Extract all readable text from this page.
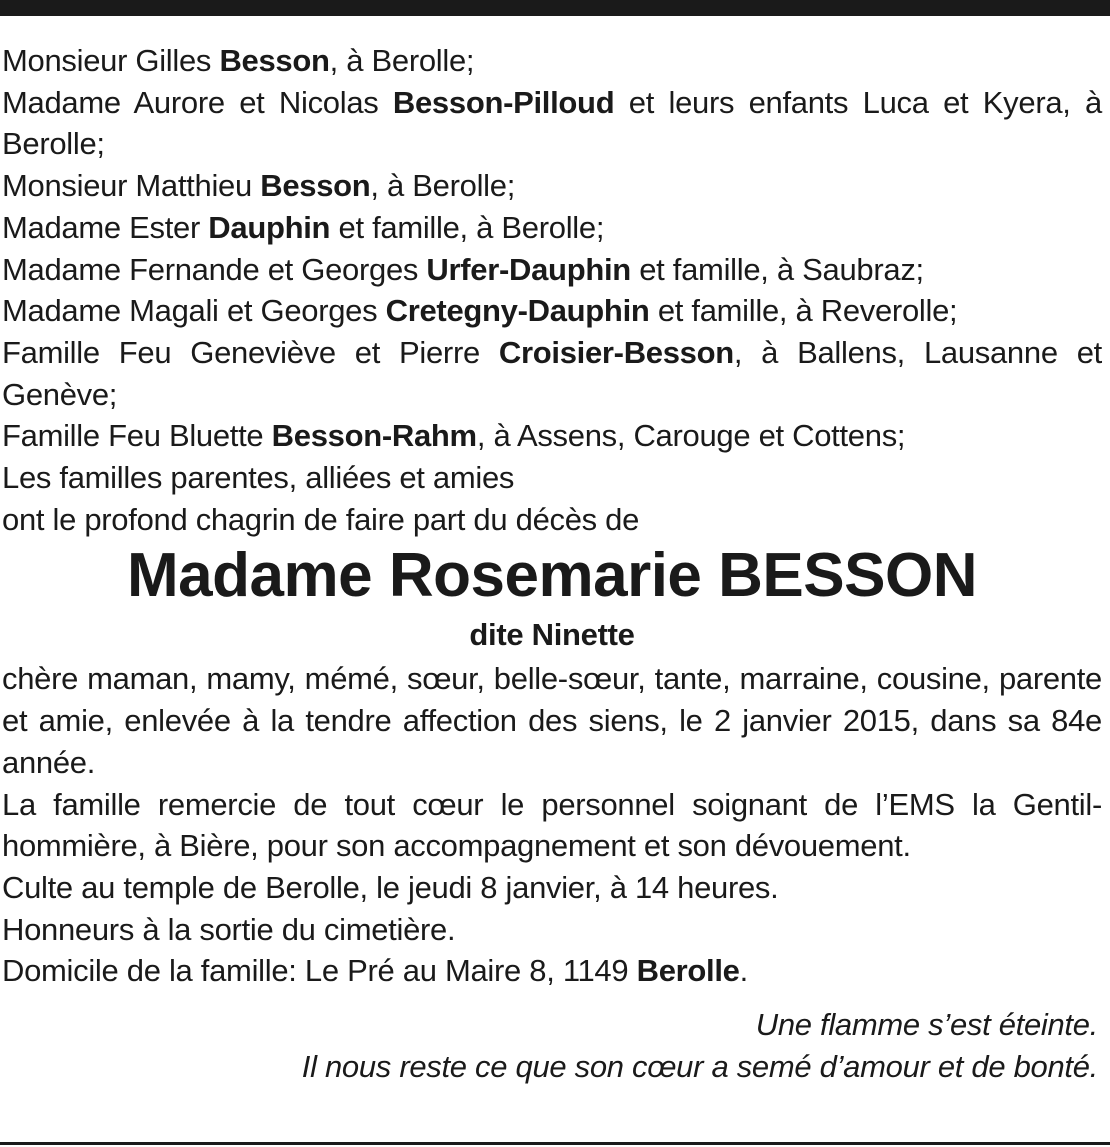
Monsieur Gilles Besson, à Berolle;
Madame Aurore et Nicolas Besson-Pilloud et leurs enfants Luca et Kyera, à Berolle;
Monsieur Matthieu Besson, à Berolle;
Madame Ester Dauphin et famille, à Berolle;
Madame Fernande et Georges Urfer-Dauphin et famille, à Saubraz;
Madame Magali et Georges Cretegny-Dauphin et famille, à Reverolle;
Famille Feu Geneviève et Pierre Croisier-Besson, à Ballens, Lausanne et Genève;
Famille Feu Bluette Besson-Rahm, à Assens, Carouge et Cottens;
Les familles parentes, alliées et amies
ont le profond chagrin de faire part du décès de

Madame Rosemarie BESSON

dite Ninette

chère maman, mamy, mémé, sœur, belle-sœur, tante, marraine, cousine, parente et amie, enlevée à la tendre affection des siens, le 2 janvier 2015, dans sa 84e année.

La famille remercie de tout cœur le personnel soignant de l’EMS la Gentil-hommière, à Bière, pour son accompagnement et son dévouement.

Culte au temple de Berolle, le jeudi 8 janvier, à 14 heures.

Honneurs à la sortie du cimetière.

Domicile de la famille: Le Pré au Maire 8, 1149 Berolle.

Une flamme s’est éteinte.
Il nous reste ce que son cœur a semé d’amour et de bonté.
